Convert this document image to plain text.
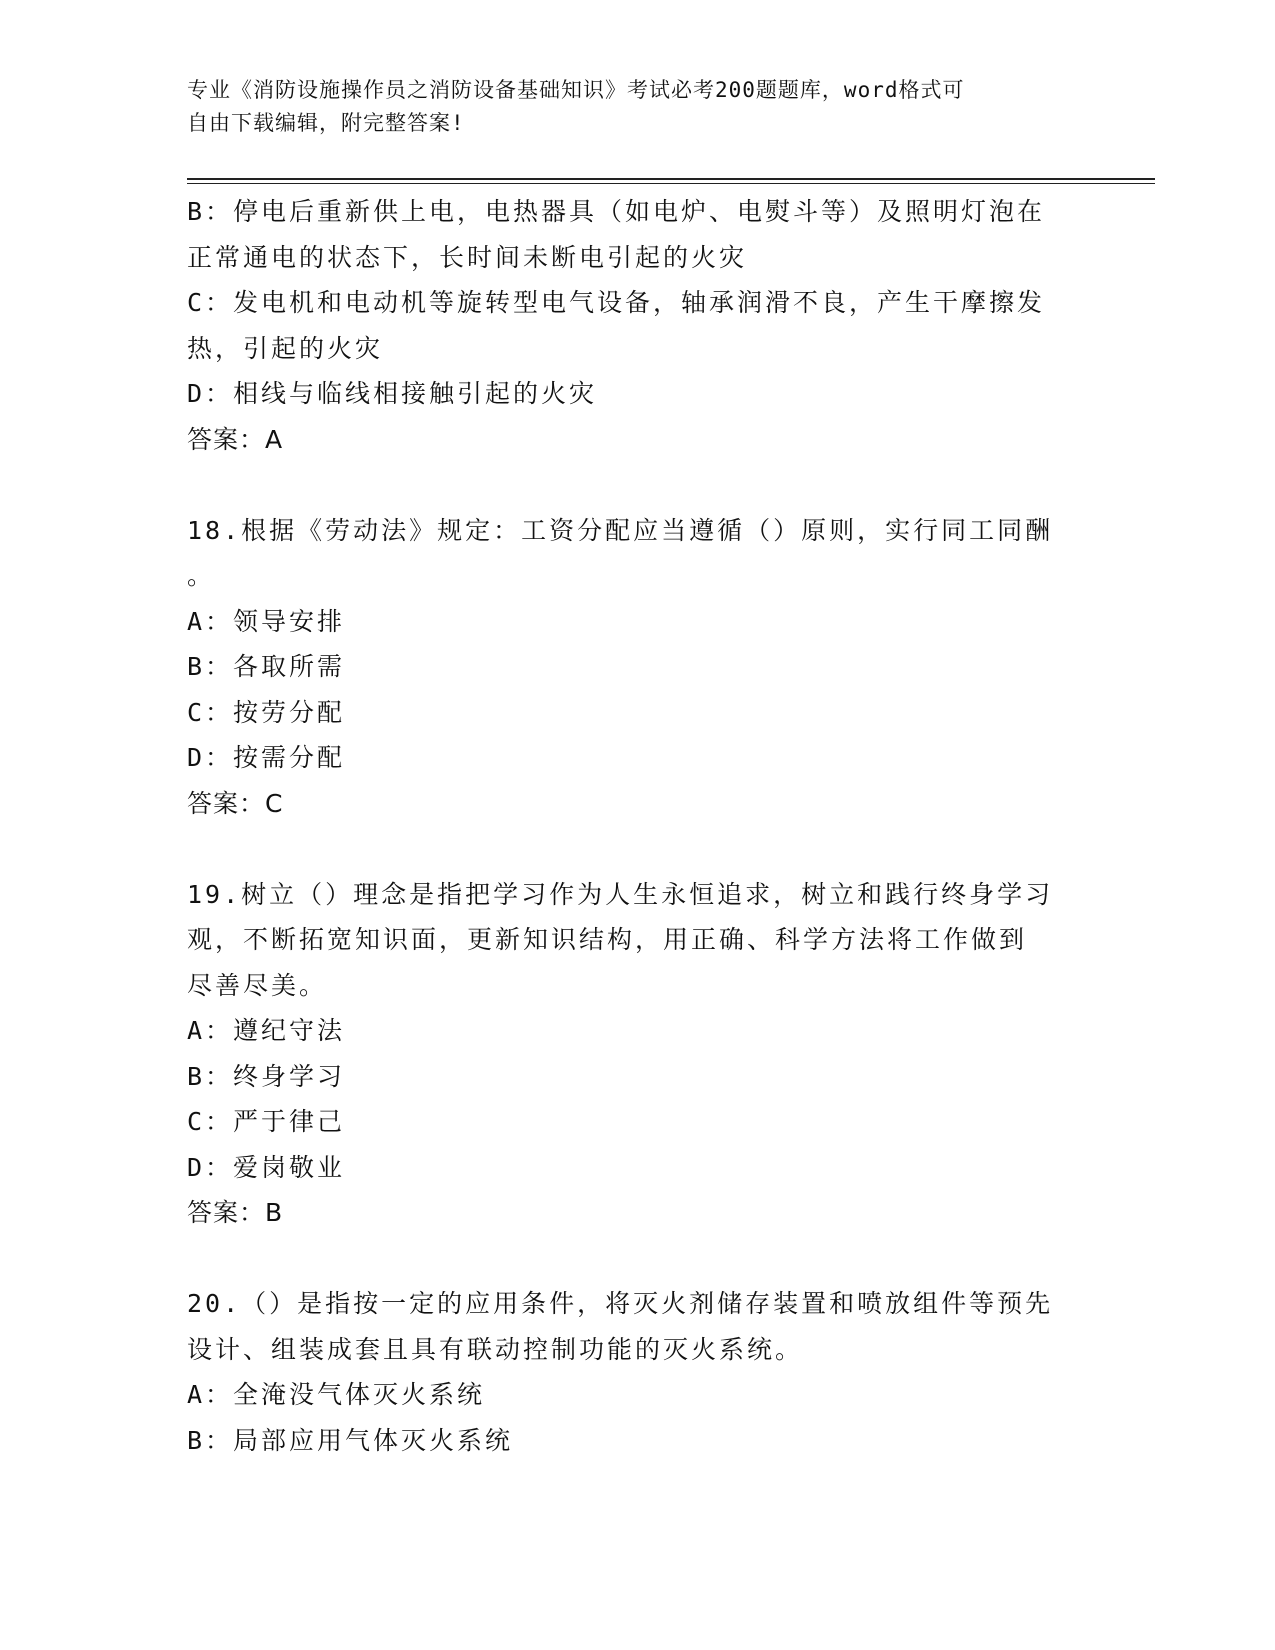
专业《消防设施操作员之消防设备基础知识》考试必考200题题库，word格式可
自由下载编辑，附完整答案!
B：停电后重新供上电，电热器具（如电炉、电熨斗等）及照明灯泡在
正常通电的状态下，长时间未断电引起的火灾
C：发电机和电动机等旋转型电气设备，轴承润滑不良，产生干摩擦发
热，引起的火灾
D：相线与临线相接触引起的火灾
答案：A
18.根据《劳动法》规定：工资分配应当遵循（）原则，实行同工同酬
。
A：领导安排
B：各取所需
C：按劳分配
D：按需分配
答案：C
19.树立（）理念是指把学习作为人生永恒追求，树立和践行终身学习
观，不断拓宽知识面，更新知识结构，用正确、科学方法将工作做到
尽善尽美。
A：遵纪守法
B：终身学习
C：严于律己
D：爱岗敬业
答案：B
20.（）是指按一定的应用条件，将灭火剂储存装置和喷放组件等预先
设计、组装成套且具有联动控制功能的灭火系统。
A：全淹没气体灭火系统
B：局部应用气体灭火系统
